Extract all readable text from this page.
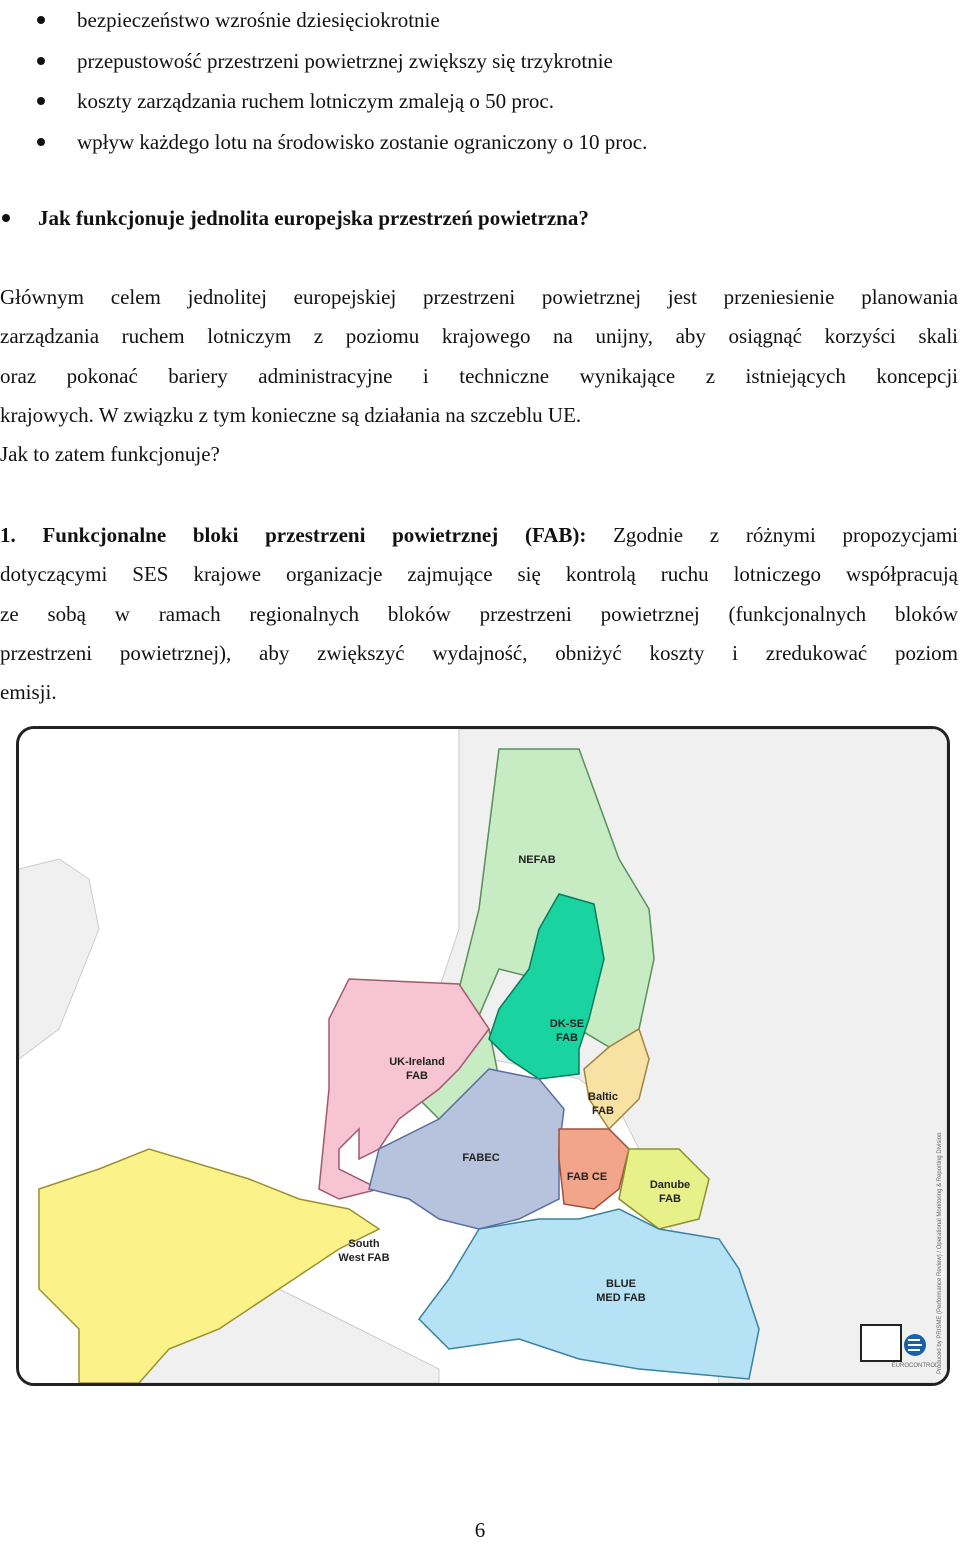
bezpieczeństwo wzrośnie dziesięciokrotnie
przepustowość przestrzeni powietrznej zwiększy się trzykrotnie
koszty zarządzania ruchem lotniczym zmaleją o 50 proc.
wpływ każdego lotu na środowisko zostanie ograniczony o 10 proc.
Jak funkcjonuje jednolita europejska przestrzeń powietrzna?
Głównym celem jednolitej europejskiej przestrzeni powietrznej jest przeniesienie planowania
zarządzania ruchem lotniczym z poziomu krajowego na unijny, aby osiągnąć korzyści skali
oraz pokonać bariery administracyjne i techniczne wynikające z istniejących koncepcji
krajowych. W związku z tym konieczne są działania na szczeblu UE.
Jak to zatem funkcjonuje?
1. Funkcjonalne bloki przestrzeni powietrznej (FAB): Zgodnie z różnymi propozycjami
dotyczącymi SES krajowe organizacje zajmujące się kontrolą ruchu lotniczego współpracują
ze sobą w ramach regionalnych bloków przestrzeni powietrznej (funkcjonalnych bloków
przestrzeni powietrznej), aby zwiększyć wydajność, obniżyć koszty i zredukować poziom
emisji.
NEFAB
DK-SE
FAB
UK-Ireland
FAB
Baltic
FAB
FABEC
FAB CE
Danube
FAB
South
West FAB
BLUE
MED FAB	Produced by PRISME (Performance Review) / Operational Monitoring & Reporting Division
EUROCONTROL
6
